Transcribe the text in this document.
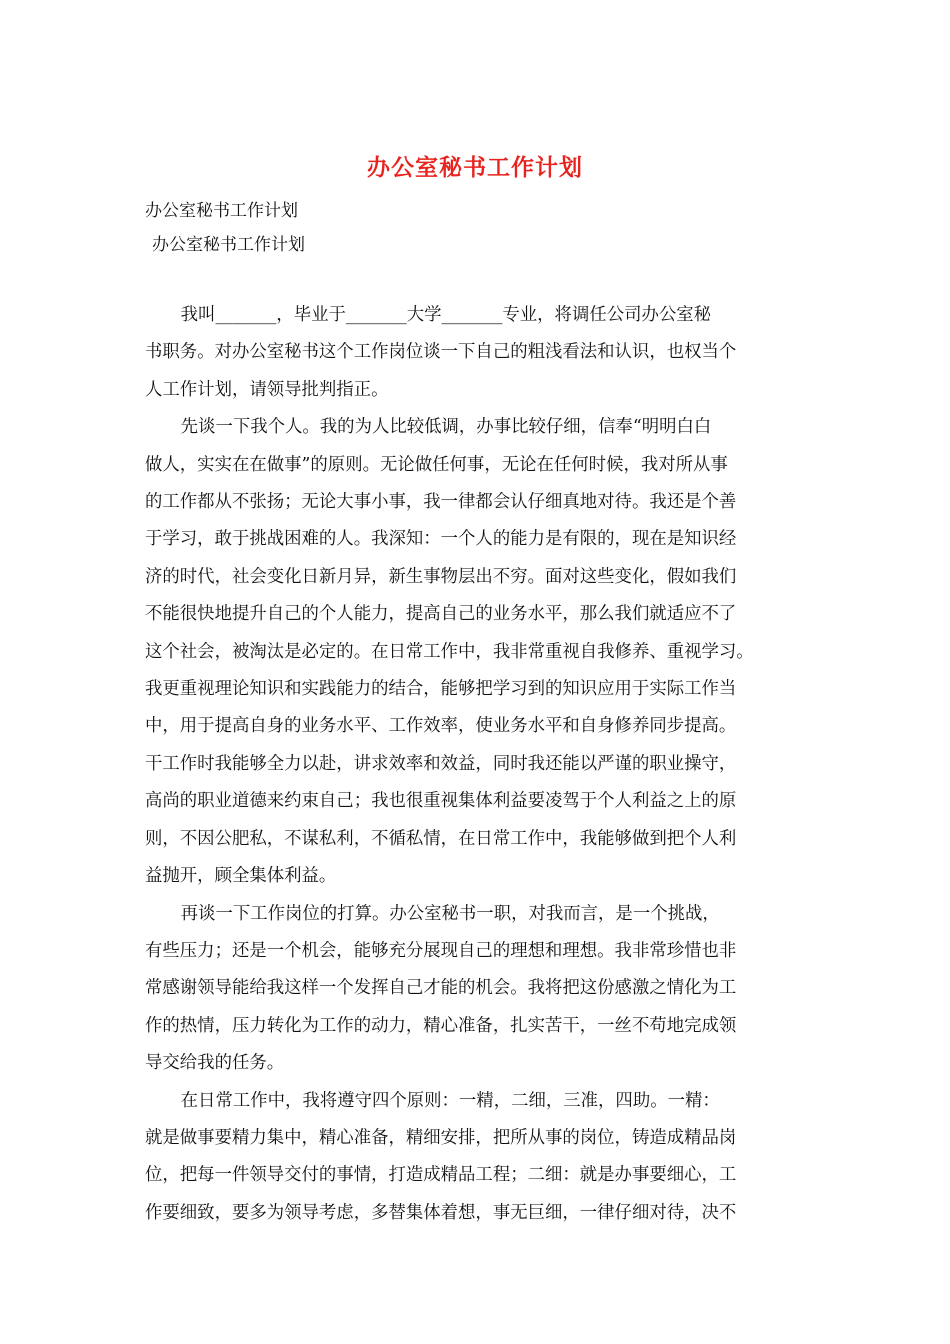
办公室秘书工作计划
办公室秘书工作计划
办公室秘书工作计划
我叫_______，毕业于_______大学_______专业，将调任公司办公室秘
书职务。对办公室秘书这个工作岗位谈一下自己的粗浅看法和认识，也权当个
人工作计划，请领导批判指正。
先谈一下我个人。我的为人比较低调，办事比较仔细，信奉“明明白白
做人，实实在在做事”的原则。无论做任何事，无论在任何时候，我对所从事
的工作都从不张扬；无论大事小事，我一律都会认仔细真地对待。我还是个善
于学习，敢于挑战困难的人。我深知：一个人的能力是有限的，现在是知识经
济的时代，社会变化日新月异，新生事物层出不穷。面对这些变化，假如我们
不能很快地提升自己的个人能力，提高自己的业务水平，那么我们就适应不了
这个社会，被淘汰是必定的。在日常工作中，我非常重视自我修养、重视学习。
我更重视理论知识和实践能力的结合，能够把学习到的知识应用于实际工作当
中，用于提高自身的业务水平、工作效率，使业务水平和自身修养同步提高。
干工作时我能够全力以赴，讲求效率和效益，同时我还能以严谨的职业操守，
高尚的职业道德来约束自己；我也很重视集体利益要凌驾于个人利益之上的原
则，不因公肥私，不谋私利，不循私情，在日常工作中，我能够做到把个人利
益抛开，顾全集体利益。
再谈一下工作岗位的打算。办公室秘书一职，对我而言，是一个挑战，
有些压力；还是一个机会，能够充分展现自己的理想和理想。我非常珍惜也非
常感谢领导能给我这样一个发挥自己才能的机会。我将把这份感激之情化为工
作的热情，压力转化为工作的动力，精心准备，扎实苦干，一丝不苟地完成领
导交给我的任务。
在日常工作中，我将遵守四个原则：一精，二细，三准，四助。一精：
就是做事要精力集中，精心准备，精细安排，把所从事的岗位，铸造成精品岗
位，把每一件领导交付的事情，打造成精品工程；二细：就是办事要细心，工
作要细致，要多为领导考虑，多替集体着想，事无巨细，一律仔细对待，决不
